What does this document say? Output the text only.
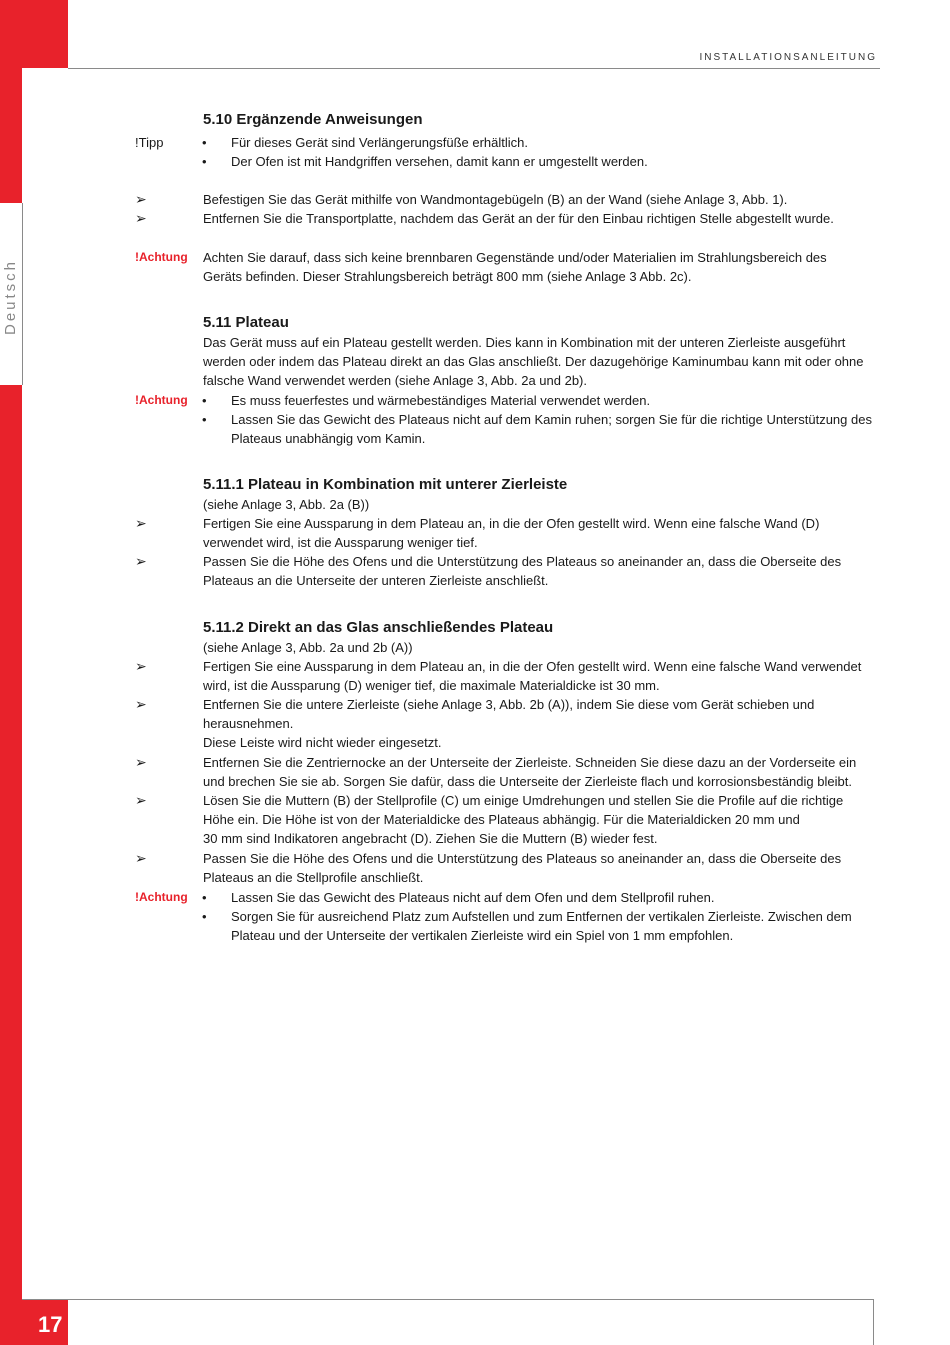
INSTALLATIONSANLEITUNG
Deutsch
17
5.10 Ergänzende Anweisungen
!Tipp	• Für dieses Gerät sind Verlängerungsfüße erhältlich.
• Der Ofen ist mit Handgriffen versehen, damit kann er umgestellt werden.
➢	Befestigen Sie das Gerät mithilfe von Wandmontagebügeln (B) an der Wand (siehe Anlage 3, Abb. 1).
➢	Entfernen Sie die Transportplatte, nachdem das Gerät an der für den Einbau richtigen Stelle abgestellt wurde.
!Achtung Achten Sie darauf, dass sich keine brennbaren Gegenstände und/oder Materialien im Strahlungsbereich des
Geräts befinden. Dieser Strahlungsbereich beträgt 800 mm (siehe Anlage 3 Abb. 2c).
5.11 Plateau
Das Gerät muss auf ein Plateau gestellt werden. Dies kann in Kombination mit der unteren Zierleiste ausgeführt
werden oder indem das Plateau direkt an das Glas anschließt. Der dazugehörige Kaminumbau kann mit oder ohne
falsche Wand verwendet werden (siehe Anlage 3, Abb. 2a und 2b).
!Achtung • Es muss feuerfestes und wärmebeständiges Material verwendet werden.
• Lassen Sie das Gewicht des Plateaus nicht auf dem Kamin ruhen; sorgen Sie für die richtige Unterstützung des
Plateaus unabhängig vom Kamin.
5.11.1 Plateau in Kombination mit unterer Zierleiste
(siehe Anlage 3, Abb. 2a (B))
➢	Fertigen Sie eine Aussparung in dem Plateau an, in die der Ofen gestellt wird. Wenn eine falsche Wand (D)
verwendet wird, ist die Aussparung weniger tief.
➢	Passen Sie die Höhe des Ofens und die Unterstützung des Plateaus so aneinander an, dass die Oberseite des
Plateaus an die Unterseite der unteren Zierleiste anschließt.
5.11.2 Direkt an das Glas anschließendes Plateau
(siehe Anlage 3, Abb. 2a und 2b (A))
➢	Fertigen Sie eine Aussparung in dem Plateau an, in die der Ofen gestellt wird. Wenn eine falsche Wand verwendet
wird, ist die Aussparung (D) weniger tief, die maximale Materialdicke ist 30 mm.
➢	Entfernen Sie die untere Zierleiste (siehe Anlage 3, Abb. 2b (A)), indem Sie diese vom Gerät schieben und
herausnehmen.
Diese Leiste wird nicht wieder eingesetzt.
➢	Entfernen Sie die Zentriernocke an der Unterseite der Zierleiste. Schneiden Sie diese dazu an der Vorderseite ein
und brechen Sie sie ab. Sorgen Sie dafür, dass die Unterseite der Zierleiste flach und korrosionsbeständig bleibt.
➢	Lösen Sie die Muttern (B) der Stellprofile (C) um einige Umdrehungen und stellen Sie die Profile auf die richtige
Höhe ein. Die Höhe ist von der Materialdicke des Plateaus abhängig. Für die Materialdicken 20 mm und
30 mm sind Indikatoren angebracht (D). Ziehen Sie die Muttern (B) wieder fest.
➢	Passen Sie die Höhe des Ofens und die Unterstützung des Plateaus so aneinander an, dass die Oberseite des
Plateaus an die Stellprofile anschließt.
!Achtung • Lassen Sie das Gewicht des Plateaus nicht auf dem Ofen und dem Stellprofil ruhen.
• Sorgen Sie für ausreichend Platz zum Aufstellen und zum Entfernen der vertikalen Zierleiste. Zwischen dem
Plateau und der Unterseite der vertikalen Zierleiste wird ein Spiel von 1 mm empfohlen.
